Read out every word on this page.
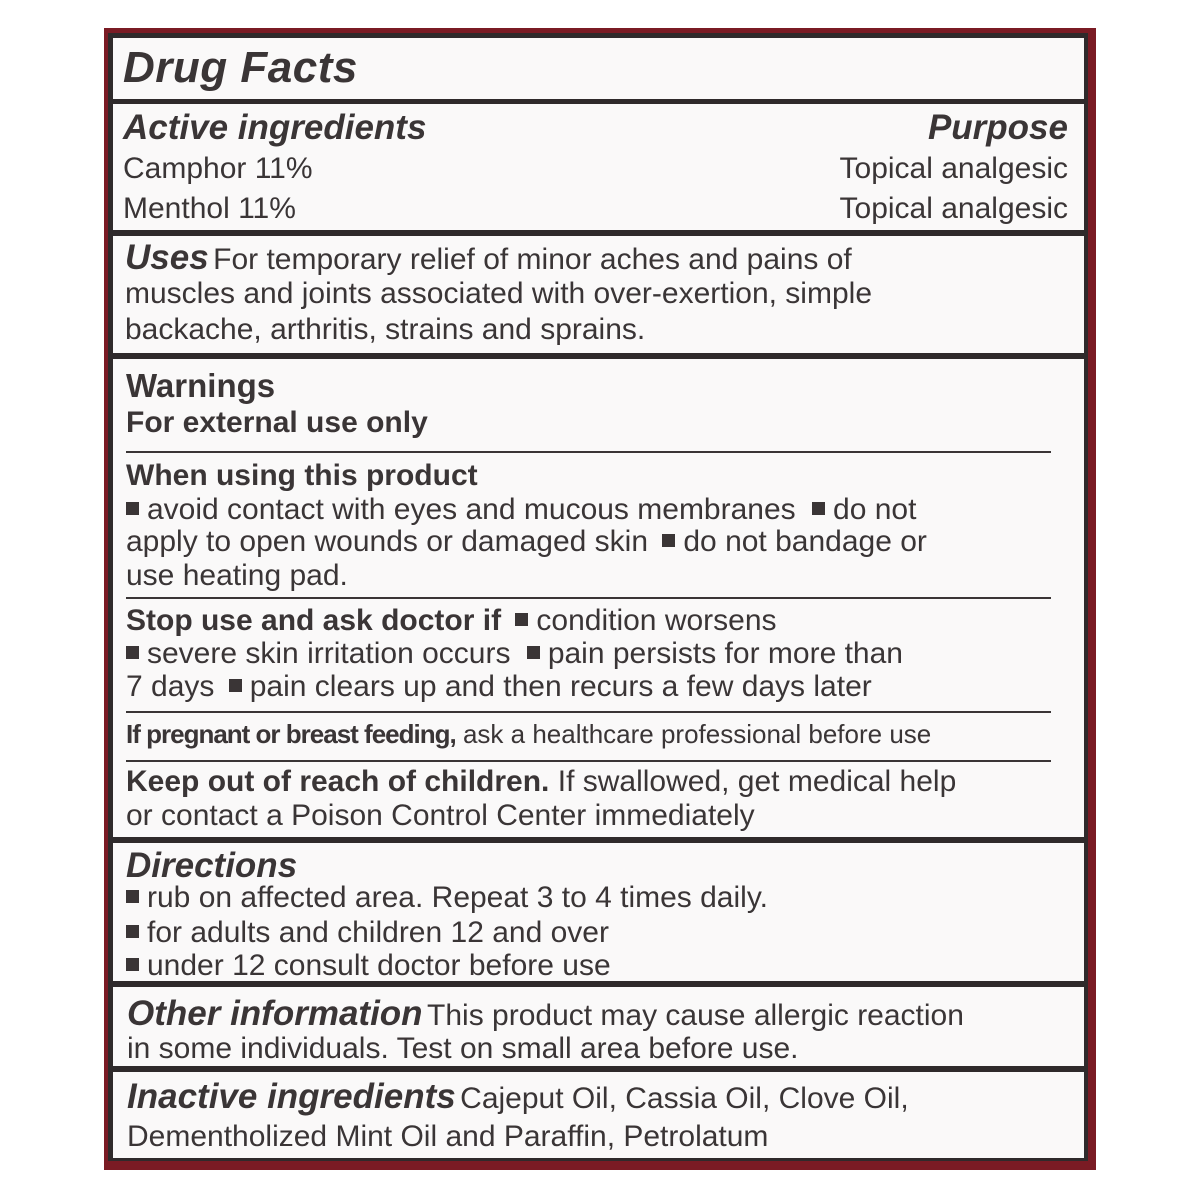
Drug Facts
Active ingredients	Purpose
Camphor 11%	Topical analgesic
Menthol 11%	Topical analgesic
Uses For temporary relief of minor aches and pains of
muscles and joints associated with over-exertion, simple
backache, arthritis, strains and sprains.
Warnings
For external use only
When using this product
avoid contact with eyes and mucous membranes do not
apply to open wounds or damaged skin do not bandage or
use heating pad.
Stop use and ask doctor if condition worsens
severe skin irritation occurs pain persists for more than
7 days pain clears up and then recurs a few days later
If pregnant or breast feeding, ask a healthcare professional before use
Keep out of reach of children. If swallowed, get medical help
or contact a Poison Control Center immediately
Directions
rub on affected area. Repeat 3 to 4 times daily.
for adults and children 12 and over
under 12 consult doctor before use
Other information This product may cause allergic reaction
in some individuals. Test on small area before use.
Inactive ingredients Cajeput Oil, Cassia Oil, Clove Oil,
Dementholized Mint Oil and Paraffin, Petrolatum
